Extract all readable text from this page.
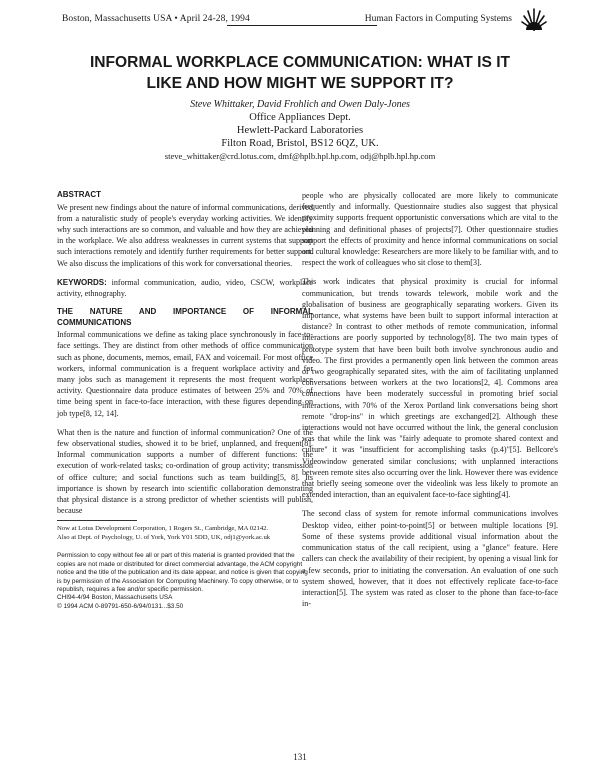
Boston, Massachusetts USA • April 24-28, 1994	Human Factors in Computing Systems
INFORMAL WORKPLACE COMMUNICATION: WHAT IS IT
LIKE AND HOW MIGHT WE SUPPORT IT?
Steve Whittaker, David Frohlich and Owen Daly-Jones
Office Appliances Dept.
Hewlett-Packard Laboratories
Filton Road, Bristol, BS12 6QZ, UK.
steve_whittaker@crd.lotus.com, dmf@hplb.hpl.hp.com, odj@hplb.hpl.hp.com
ABSTRACT

We present new findings about the nature of informal communications, derived from a naturalistic study of people's everyday working activities. We identify why such interactions are so common, and valuable and how they are achieved in the workplace. We also address weaknesses in current systems that support such interactions remotely and identify further requirements for better support. We also discuss the implications of this work for conversational theories.

KEYWORDS: informal communication, audio, video, CSCW, workplace activity, ethnography.

THE NATURE AND IMPORTANCE OF INFORMAL COMMUNICATIONS

Informal communications we define as taking place synchronously in face-to-face settings. They are distinct from other methods of office communication such as phone, documents, memos, email, FAX and voicemail. For most office workers, informal communication is a frequent workplace activity and for many jobs such as management it represents the most frequent workplace activity. Questionnaire data produce estimates of between 25% and 70% of time being spent in face-to-face interaction, with these figures depending on job type[8, 12, 14].

What then is the nature and function of informal communication? One of the few observational studies, showed it to be brief, unplanned, and frequent[8]. Informal communication supports a number of different functions: the execution of work-related tasks; co-ordination of group activity; transmission of office culture; and social functions such as team building[5, 8]. Its importance is shown by research into scientific collaboration demonstrating that physical distance is a strong predictor of whether scientists will publish, because

Now at Lotus Development Corporation, 1 Rogers St., Cambridge, MA 02142.

Also at Dept. of Psychology, U. of York, York Y01 5DD, UK, odj1@york.ac.uk

Permission to copy without fee all or part of this material is granted provided that the copies are not made or distributed for direct commercial advantage, the ACM copyright notice and the title of the publication and its date appear, and notice is given that copying is by permission of the Association for Computing Machinery. To copy otherwise, or to republish, requires a fee and/or specific permission.

CHI94-4/94 Boston, Massachusetts USA

© 1994 ACM 0-89791-650-6/94/0131...$3.50

people who are physically collocated are more likely to communicate frequently and informally. Questionnaire studies also suggest that physical proximity supports frequent opportunistic conversations which are vital to the planning and definitional phases of projects[7]. Other questionnaire studies support the effects of proximity and hence informal communications on social and cultural knowledge: Researchers are more likely to be familiar with, and to respect the work of colleagues who sit close to them[3].

This work indicates that physical proximity is crucial for informal communication, but trends towards telework, mobile work and the globalisation of business are geographically separating workers. Given its importance, what systems have been built to support informal interaction at distance? In contrast to other methods of remote communication, informal interactions are poorly supported by technology[8]. The two main types of prototype system that have been built both involve synchronous audio and video. The first provides a permanently open link between the common areas of two geographically separated sites, with the aim of facilitating unplanned conversations between workers at the two locations[2, 4]. Commons area connections have been moderately successful in promoting brief social interactions, with 70% of the Xerox Portland link conversations being short remote "drop-ins" in which greetings are exchanged[2]. Although these interactions would not have occurred without the link, the general conclusion was that while the link was "fairly adequate to promote shared context and culture" it was "insufficient for accomplishing tasks (p.4)"[5]. Bellcore's Videowindow generated similar conclusions; with unplanned interactions between remote sites also occurring over the link. However there was evidence that briefly seeing someone over the videolink was less likely to promote an extended interaction, than an equivalent face-to-face sighting[4].

The second class of system for remote informal communications involves Desktop video, either point-to-point[5] or between multiple locations [9]. Some of these systems provide additional visual information about the communication status of the call recipient, using a "glance" feature. Here callers can check the availability of their recipient, by opening a visual link for a few seconds, prior to initiating the conversation. An evaluation of one such system showed, however, that it does not effectively replicate face-to-face interaction[5]. The system was rated as closer to the phone than face-to-face in-

131
